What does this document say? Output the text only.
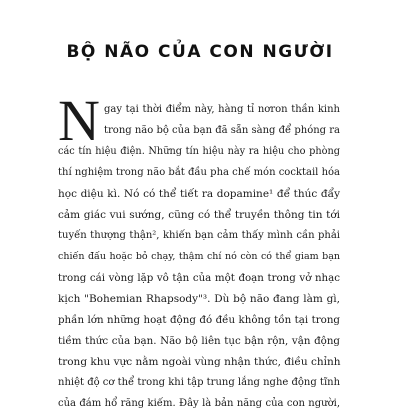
BỘ NÃO CỦA CON NGƯỜI
N gay tại thời điểm này, hàng tỉ nơron thần kinh
trong não bộ của bạn đã sẵn sàng để phóng ra
các tín hiệu điện. Những tín hiệu này ra hiệu cho phòng
thí nghiệm trong não bắt đầu pha chế món cocktail hóa
học diệu kì. Nó có thể tiết ra dopamine¹ để thúc đẩy
cảm giác vui sướng, cũng có thể truyền thông tin tới
tuyến thượng thận², khiến bạn cảm thấy mình cần phải
chiến đấu hoặc bỏ chạy, thậm chí nó còn có thể giam bạn
trong cái vòng lặp vô tận của một đoạn trong vở nhạc
kịch "Bohemian Rhapsody"³. Dù bộ não đang làm gì,
phần lớn những hoạt động đó đều không tồn tại trong
tiềm thức của bạn. Não bộ liên tục bận rộn, vận động
trong khu vực nằm ngoài vùng nhận thức, điều chỉnh
nhiệt độ cơ thể trong khi tập trung lắng nghe động tĩnh
của đám hổ răng kiếm. Đây là bản năng của con người,
